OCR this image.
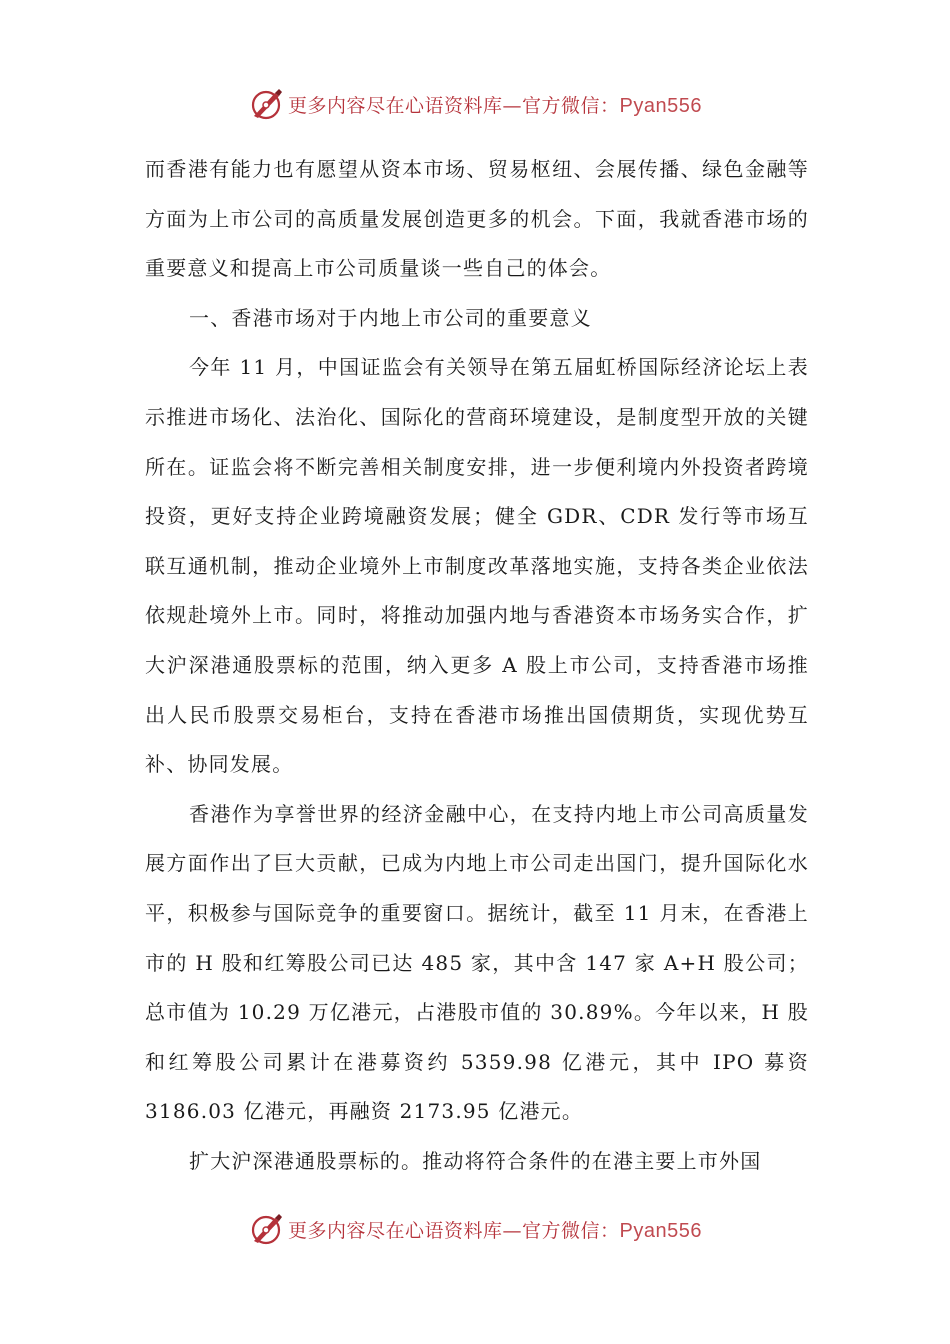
更多内容尽在心语资料库—官方微信：Pyan556

而香港有能力也有愿望从资本市场、贸易枢纽、会展传播、绿色金融等方面为上市公司的高质量发展创造更多的机会。下面，我就香港市场的重要意义和提高上市公司质量谈一些自己的体会。

一、香港市场对于内地上市公司的重要意义

今年 11 月，中国证监会有关领导在第五届虹桥国际经济论坛上表示推进市场化、法治化、国际化的营商环境建设，是制度型开放的关键所在。证监会将不断完善相关制度安排，进一步便利境内外投资者跨境投资，更好支持企业跨境融资发展；健全 GDR、CDR 发行等市场互联互通机制，推动企业境外上市制度改革落地实施，支持各类企业依法依规赴境外上市。同时，将推动加强内地与香港资本市场务实合作，扩大沪深港通股票标的范围，纳入更多 A 股上市公司，支持香港市场推出人民币股票交易柜台，支持在香港市场推出国债期货，实现优势互补、协同发展。

香港作为享誉世界的经济金融中心，在支持内地上市公司高质量发展方面作出了巨大贡献，已成为内地上市公司走出国门，提升国际化水平，积极参与国际竞争的重要窗口。据统计，截至 11 月末，在香港上市的 H 股和红筹股公司已达 485 家，其中含 147 家 A+H 股公司；总市值为 10.29 万亿港元，占港股市值的 30.89%。今年以来，H 股和红筹股公司累计在港募资约 5359.98 亿港元，其中 IPO 募资 3186.03 亿港元，再融资 2173.95 亿港元。

扩大沪深港通股票标的。推动将符合条件的在港主要上市外国

更多内容尽在心语资料库—官方微信：Pyan556
